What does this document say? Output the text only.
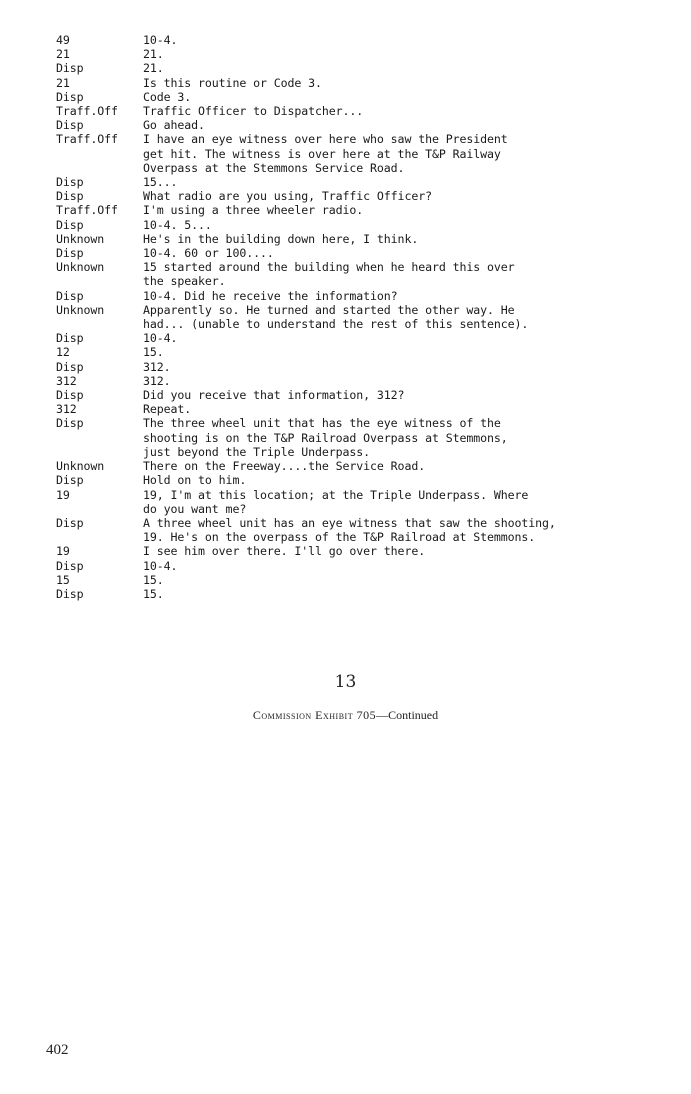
49	10-4.
21	21.
Disp	21.
21	Is this routine or Code 3.
Disp	Code 3.
Traff.Off	Traffic Officer to Dispatcher...
Disp	Go ahead.
Traff.Off	I have an eye witness over here who saw the President
get hit. The witness is over here at the T&P Railway
Overpass at the Stemmons Service Road.
Disp	15...
Disp	What radio are you using, Traffic Officer?
Traff.Off	I'm using a three wheeler radio.
Disp	10-4. 5...
Unknown	He's in the building down here, I think.
Disp	10-4. 60 or 100....
Unknown	15 started around the building when he heard this over
the speaker.
Disp	10-4. Did he receive the information?
Unknown	Apparently so. He turned and started the other way. He
had... (unable to understand the rest of this sentence).
Disp	10-4.
12	15.
Disp	312.
312	312.
Disp	Did you receive that information, 312?
312	Repeat.
Disp	The three wheel unit that has the eye witness of the
shooting is on the T&P Railroad Overpass at Stemmons,
just beyond the Triple Underpass.
Unknown	There on the Freeway....the Service Road.
Disp	Hold on to him.
19	19, I'm at this location; at the Triple Underpass. Where
do you want me?
Disp	A three wheel unit has an eye witness that saw the shooting,
19. He's on the overpass of the T&P Railroad at Stemmons.
19	I see him over there. I'll go over there.
Disp	10-4.
15	15.
Disp	15.
13
Commission Exhibit 705—Continued
402
